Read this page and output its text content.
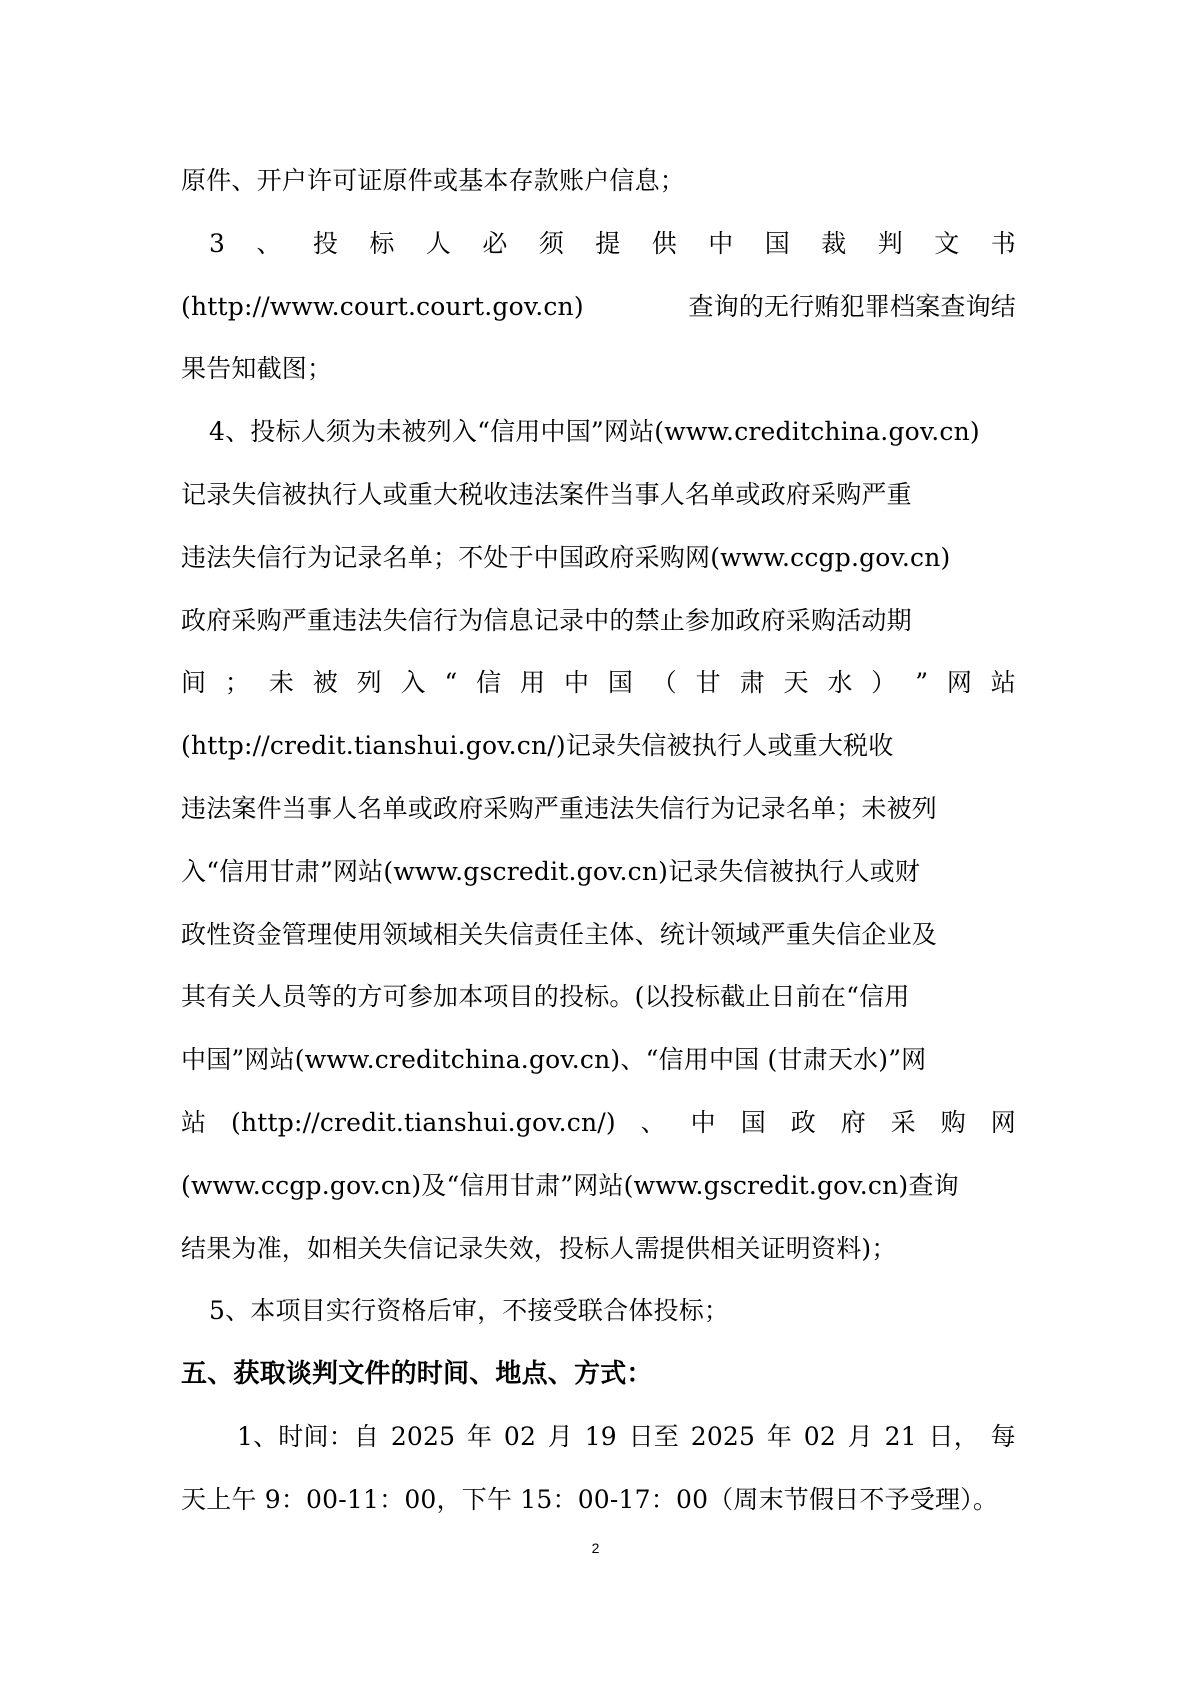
原件、开户许可证原件或基本存款账户信息；
3 、 投 标 人 必 须 提 供 中 国 裁 判 文 书
(http://www.court.court.gov.cn)	查询的无行贿犯罪档案查询结
果告知截图；
4、投标人须为未被列入“信用中国”网站(www.creditchina.gov.cn)
记录失信被执行人或重大税收违法案件当事人名单或政府采购严重
违法失信行为记录名单；不处于中国政府采购网(www.ccgp.gov.cn)
政府采购严重违法失信行为信息记录中的禁止参加政府采购活动期
间 ； 未 被 列 入 “ 信 用 中 国 （ 甘 肃 天 水 ） ” 网 站
(http://credit.tianshui.gov.cn/)记录失信被执行人或重大税收
违法案件当事人名单或政府采购严重违法失信行为记录名单；未被列
入“信用甘肃”网站(www.gscredit.gov.cn)记录失信被执行人或财
政性资金管理使用领域相关失信责任主体、统计领域严重失信企业及
其有关人员等的方可参加本项目的投标。(以投标截止日前在“信用
中国”网站(www.creditchina.gov.cn)、“信用中国 (甘肃天水)”网
站 (http://credit.tianshui.gov.cn/) 、 中 国 政 府 采 购 网
(www.ccgp.gov.cn)及“信用甘肃”网站(www.gscredit.gov.cn)查询
结果为准，如相关失信记录失效，投标人需提供相关证明资料)；
5、本项目实行资格后审，不接受联合体投标；
五、获取谈判文件的时间、地点、方式：
1、时间：自 2025 年 02 月 19 日至 2025 年 02 月 21 日， 每
天上午 9：00-11：00，下午 15：00-17：00（周末节假日不予受理）。
2
